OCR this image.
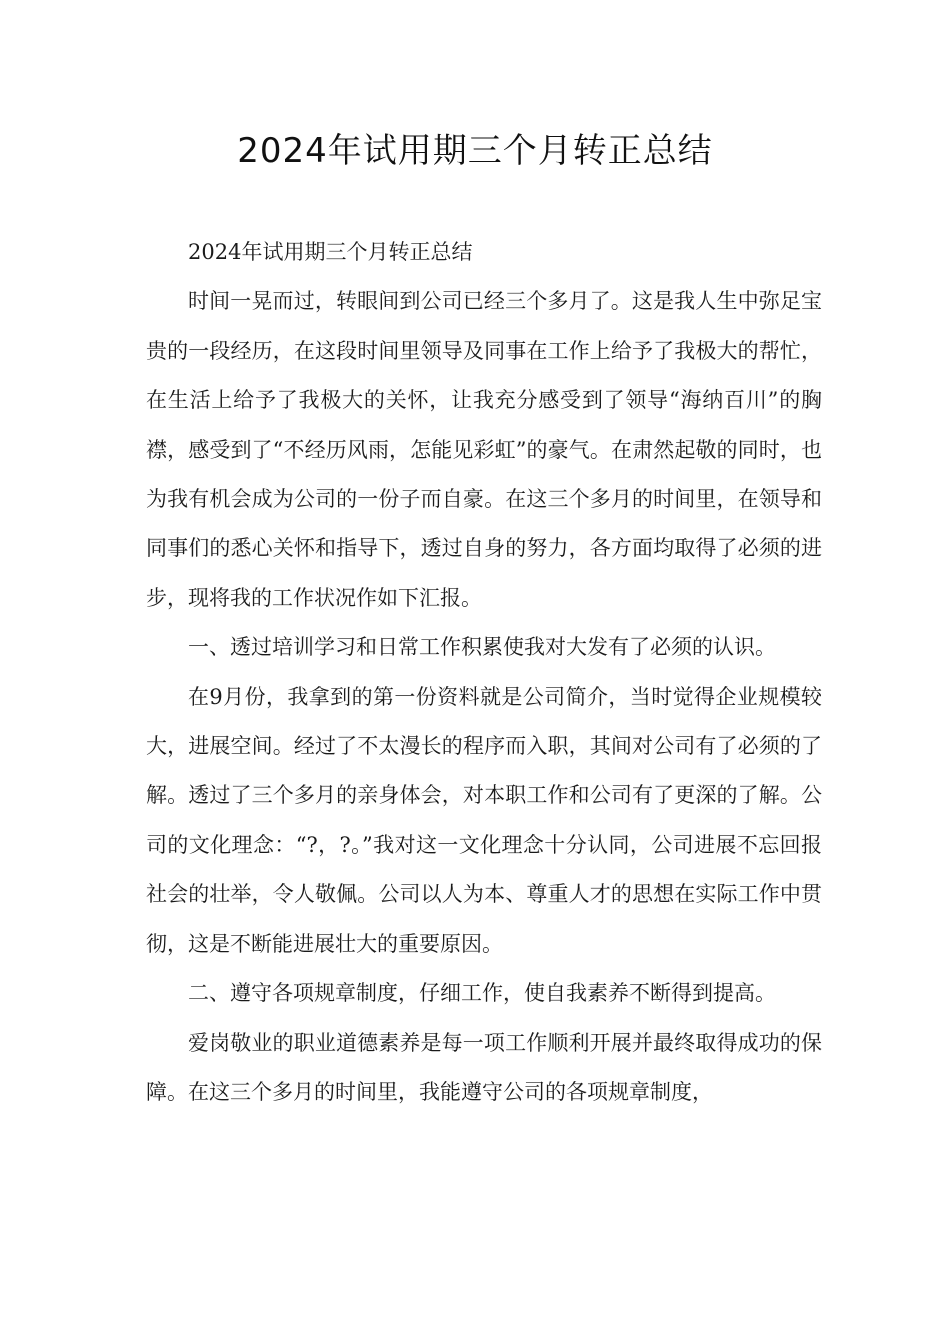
2024年试用期三个月转正总结

2024年试用期三个月转正总结

时间一晃而过，转眼间到公司已经三个多月了。这是我人生中弥足宝贵的一段经历，在这段时间里领导及同事在工作上给予了我极大的帮忙，在生活上给予了我极大的关怀，让我充分感受到了领导“海纳百川”的胸襟，感受到了“不经历风雨，怎能见彩虹”的豪气。在肃然起敬的同时，也为我有机会成为公司的一份子而自豪。在这三个多月的时间里，在领导和同事们的悉心关怀和指导下，透过自身的努力，各方面均取得了必须的进步，现将我的工作状况作如下汇报。

一、透过培训学习和日常工作积累使我对大发有了必须的认识。

在9月份，我拿到的第一份资料就是公司简介，当时觉得企业规模较大，进展空间。经过了不太漫长的程序而入职，其间对公司有了必须的了解。透过了三个多月的亲身体会，对本职工作和公司有了更深的了解。公司的文化理念：“?，?。”我对这一文化理念十分认同，公司进展不忘回报社会的壮举，令人敬佩。公司以人为本、尊重人才的思想在实际工作中贯彻，这是不断能进展壮大的重要原因。

二、遵守各项规章制度，仔细工作，使自我素养不断得到提高。

爱岗敬业的职业道德素养是每一项工作顺利开展并最终取得成功的保障。在这三个多月的时间里，我能遵守公司的各项规章制度，
